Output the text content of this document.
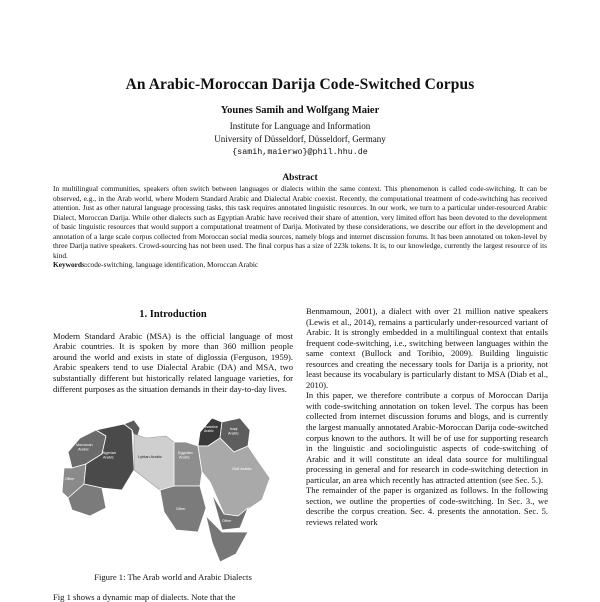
An Arabic-Moroccan Darija Code-Switched Corpus
Younes Samih and Wolfgang Maier
Institute for Language and Information
University of Düsseldorf, Düsseldorf, Germany
{samih,maierwo}@phil.hhu.de
Abstract

In multilingual communities, speakers often switch between languages or dialects within the same context. This phenomenon is called code-switching. It can be observed, e.g., in the Arab world, where Modern Standard Arabic and Dialectal Arabic coexist. Recently, the computational treatment of code-switching has received attention. Just as other natural language processing tasks, this task requires annotated linguistic resources. In our work, we turn to a particular under-resourced Arabic Dialect, Moroccan Darija. While other dialects such as Egyptian Arabic have received their share of attention, very limited effort has been devoted to the development of basic linguistic resources that would support a computational treatment of Darija. Motivated by these considerations, we describe our effort in the development and annotation of a large scale corpus collected from Moroccan social media sources, namely blogs and internet discussion forums. It has been annotated on token-level by three Darija native speakers. Crowd-sourcing has not been used. The final corpus has a size of 223k tokens. It is, to our knowledge, currently the largest resource of its kind.

Keywords:code-switching, language identification, Moroccan Arabic
1. Introduction

Modern Standard Arabic (MSA) is the official language of most Arabic countries. It is spoken by more than 360 million people around the world and exists in state of diglossia (Ferguson, 1959). Arabic speakers tend to use Dialectal Arabic (DA) and MSA, two substantially different but historically related language varieties, for different purposes as the situation demands in their day-to-day lives.

Moroccan Arabic
Algerian Arabic	Lybian Arabic
Egyptian Arabic
Levantine Arabic	Iraqi Arabic
Gulf Arabic
Other
Other
Other
Figure 1: The Arab world and Arabic Dialects
Fig 1 shows a dynamic map of dialects. Note that the

Benmamoun, 2001), a dialect with over 21 million native speakers (Lewis et al., 2014), remains a particularly under-resourced variant of Arabic. It is strongly embedded in a multilingual context that entails frequent code-switching, i.e., switching between languages within the same context (Bullock and Toribio, 2009). Building linguistic resources and creating the necessary tools for Darija is a priority, not least because its vocabulary is particularly distant to MSA (Diab et al., 2010).

In this paper, we therefore contribute a corpus of Moroccan Darija with code-switching annotation on token level. The corpus has been collected from internet discussion forums and blogs, and is currently the largest manually annotated Arabic-Moroccan Darija code-switched corpus known to the authors. It will be of use for supporting research in the linguistic and sociolinguistic aspects of code-switching of Arabic and it will constitute an ideal data source for multilingual processing in general and for research in code-switching detection in particular, an area which recently has attracted attention (see Sec. 5.).

The remainder of the paper is organized as follows. In the following section, we outline the properties of code-switching. In Sec. 3., we describe the corpus creation. Sec. 4. presents the annotation. Sec. 5. reviews related work
